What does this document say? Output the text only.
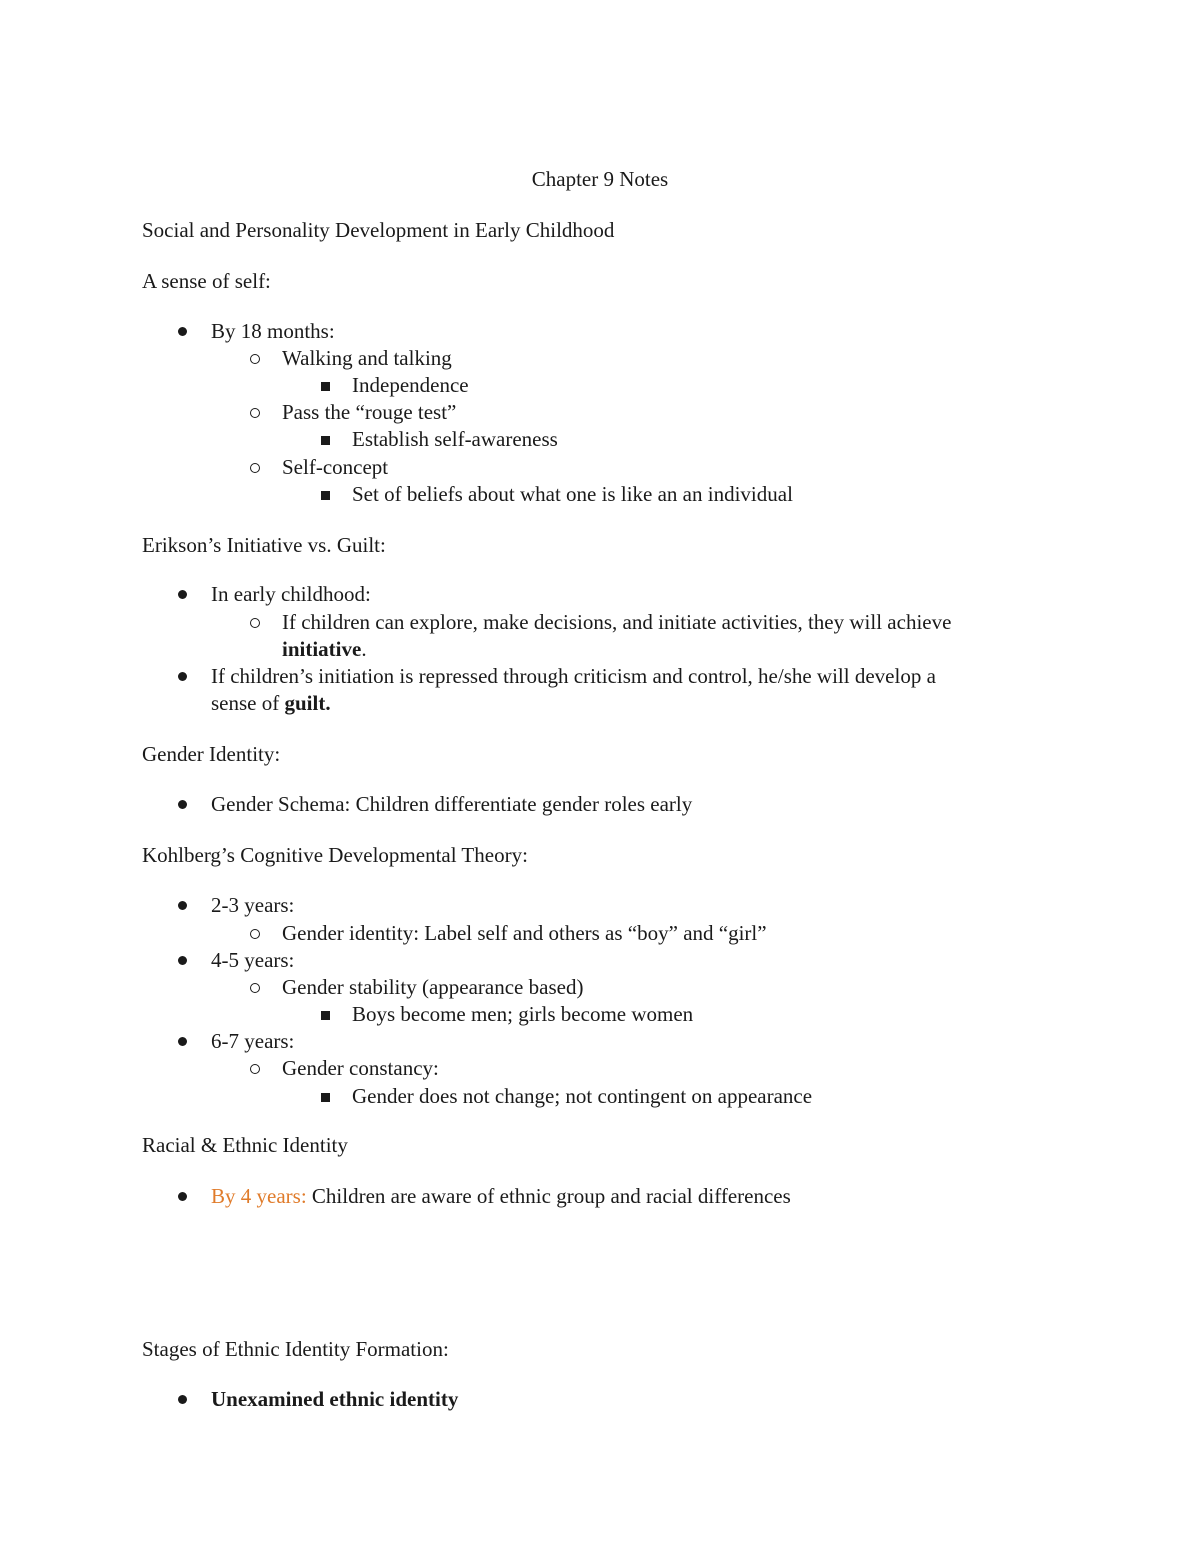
Chapter 9 Notes
Social and Personality Development in Early Childhood
A sense of self:
By 18 months:
Walking and talking
Independence
Pass the “rouge test”
Establish self-awareness
Self-concept
Set of beliefs about what one is like an an individual
Erikson’s Initiative vs. Guilt:
In early childhood:
If children can explore, make decisions, and initiate activities, they will achieve
initiative.
If children’s initiation is repressed through criticism and control, he/she will develop a
sense of guilt.
Gender Identity:
Gender Schema: Children differentiate gender roles early
Kohlberg’s Cognitive Developmental Theory:
2-3 years:
Gender identity: Label self and others as “boy” and “girl”
4-5 years:
Gender stability (appearance based)
Boys become men; girls become women
6-7 years:
Gender constancy:
Gender does not change; not contingent on appearance
Racial & Ethnic Identity
By 4 years: Children are aware of ethnic group and racial differences
Stages of Ethnic Identity Formation:
Unexamined ethnic identity
